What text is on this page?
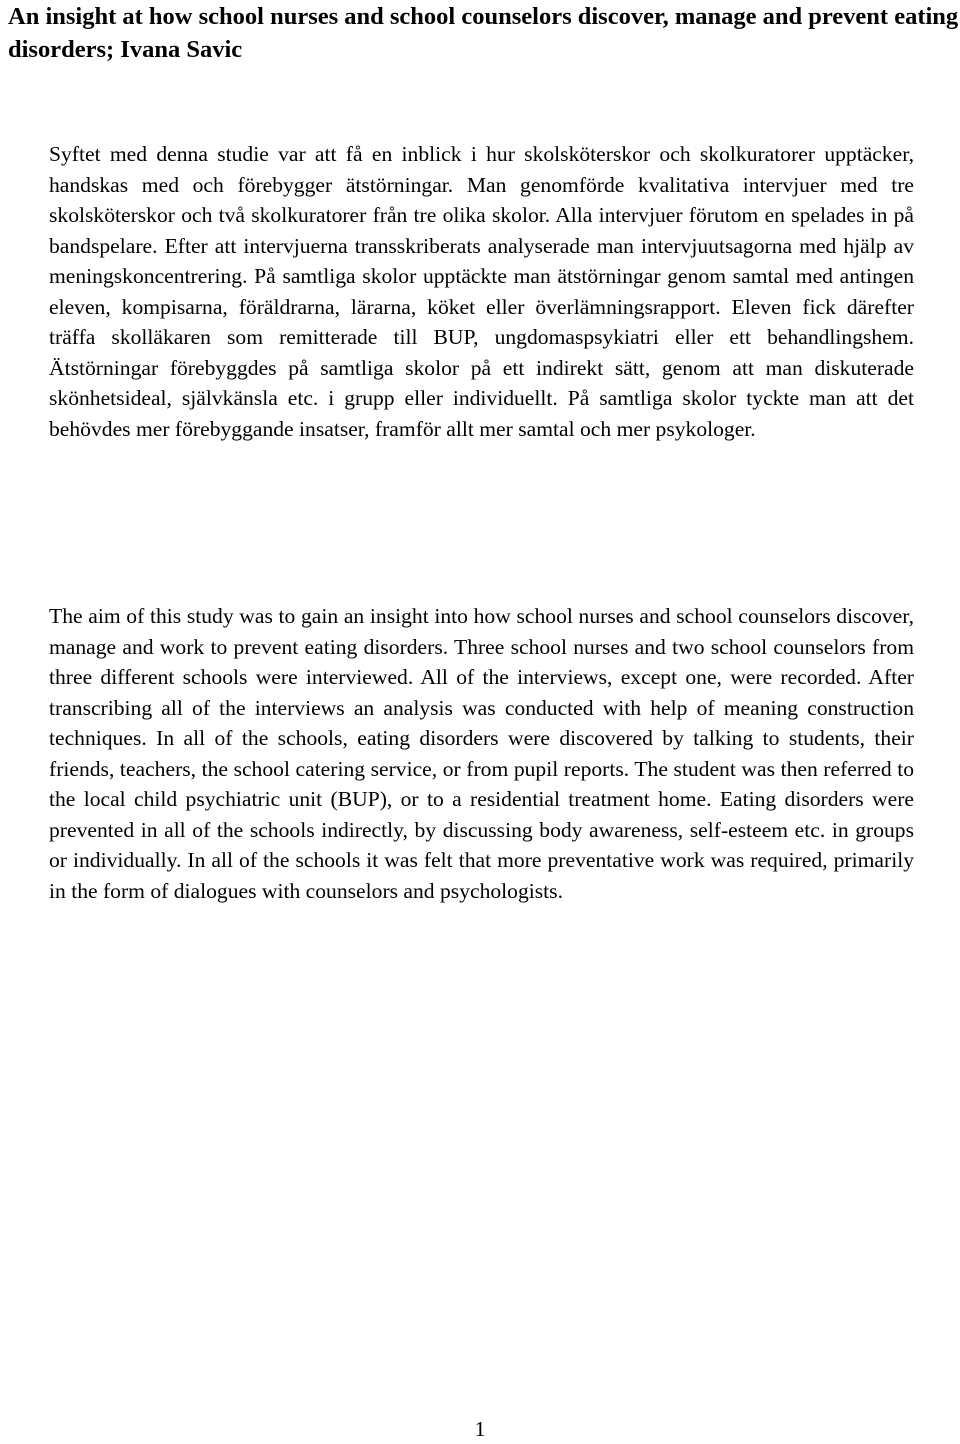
An insight at how school nurses and school counselors discover, manage and prevent eating disorders; Ivana Savic

Syftet med denna studie var att få en inblick i hur skolsköterskor och skolkuratorer upptäcker, handskas med och förebygger ätstörningar. Man genomförde kvalitativa intervjuer med tre skolsköterskor och två skolkuratorer från tre olika skolor. Alla intervjuer förutom en spelades in på bandspelare. Efter att intervjuerna transskriberats analyserade man intervjuutsagorna med hjälp av meningskoncentrering. På samtliga skolor upptäckte man ätstörningar genom samtal med antingen eleven, kompisarna, föräldrarna, lärarna, köket eller överlämningsrapport. Eleven fick därefter träffa skolläkaren som remitterade till BUP, ungdomaspsykiatri eller ett behandlingshem. Ätstörningar förebyggdes på samtliga skolor på ett indirekt sätt, genom att man diskuterade skönhetsideal, självkänsla etc. i grupp eller individuellt. På samtliga skolor tyckte man att det behövdes mer förebyggande insatser, framför allt mer samtal och mer psykologer.

The aim of this study was to gain an insight into how school nurses and school counselors discover, manage and work to prevent eating disorders. Three school nurses and two school counselors from three different schools were interviewed. All of the interviews, except one, were recorded. After transcribing all of the interviews an analysis was conducted with help of meaning construction techniques. In all of the schools, eating disorders were discovered by talking to students, their friends, teachers, the school catering service, or from pupil reports. The student was then referred to the local child psychiatric unit (BUP), or to a residential treatment home. Eating disorders were prevented in all of the schools indirectly, by discussing body awareness, self-esteem etc. in groups or individually. In all of the schools it was felt that more preventative work was required, primarily in the form of dialogues with counselors and psychologists.

1
